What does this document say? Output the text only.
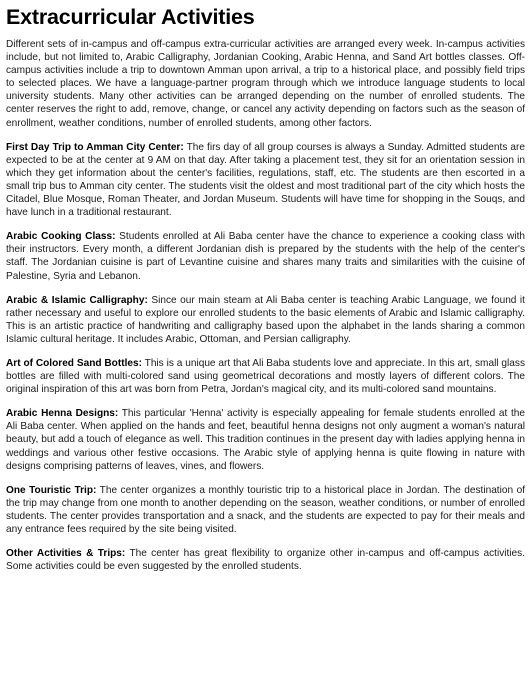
Extracurricular Activities

Different sets of in-campus and off-campus extra-curricular activities are arranged every week. In-campus activities include, but not limited to, Arabic Calligraphy, Jordanian Cooking, Arabic Henna, and Sand Art bottles classes. Off-campus activities include a trip to downtown Amman upon arrival, a trip to a historical place, and possibly field trips to selected places. We have a language-partner program through which we introduce language students to local university students. Many other activities can be arranged depending on the number of enrolled students. The center reserves the right to add, remove, change, or cancel any activity depending on factors such as the season of enrollment, weather conditions, number of enrolled students, among other factors.

First Day Trip to Amman City Center: The firs day of all group courses is always a Sunday. Admitted students are expected to be at the center at 9 AM on that day. After taking a placement test, they sit for an orientation session in which they get information about the center's facilities, regulations, staff, etc. The students are then escorted in a small trip bus to Amman city center. The students visit the oldest and most traditional part of the city which hosts the Citadel, Blue Mosque, Roman Theater, and Jordan Museum. Students will have time for shopping in the Souqs, and have lunch in a traditional restaurant.

Arabic Cooking Class: Students enrolled at Ali Baba center have the chance to experience a cooking class with their instructors. Every month, a different Jordanian dish is prepared by the students with the help of the center's staff. The Jordanian cuisine is part of Levantine cuisine and shares many traits and similarities with the cuisine of Palestine, Syria and Lebanon.

Arabic & Islamic Calligraphy: Since our main steam at Ali Baba center is teaching Arabic Language, we found it rather necessary and useful to explore our enrolled students to the basic elements of Arabic and Islamic calligraphy. This is an artistic practice of handwriting and calligraphy based upon the alphabet in the lands sharing a common Islamic cultural heritage. It includes Arabic, Ottoman, and Persian calligraphy.

Art of Colored Sand Bottles: This is a unique art that Ali Baba students love and appreciate. In this art, small glass bottles are filled with multi-colored sand using geometrical decorations and mostly layers of different colors. The original inspiration of this art was born from Petra, Jordan's magical city, and its multi-colored sand mountains.

Arabic Henna Designs: This particular 'Henna' activity is especially appealing for female students enrolled at the Ali Baba center. When applied on the hands and feet, beautiful henna designs not only augment a woman's natural beauty, but add a touch of elegance as well. This tradition continues in the present day with ladies applying henna in weddings and various other festive occasions. The Arabic style of applying henna is quite flowing in nature with designs comprising patterns of leaves, vines, and flowers.

One Touristic Trip: The center organizes a monthly touristic trip to a historical place in Jordan. The destination of the trip may change from one month to another depending on the season, weather conditions, or number of enrolled students. The center provides transportation and a snack, and the students are expected to pay for their meals and any entrance fees required by the site being visited.

Other Activities & Trips: The center has great flexibility to organize other in-campus and off-campus activities. Some activities could be even suggested by the enrolled students.
